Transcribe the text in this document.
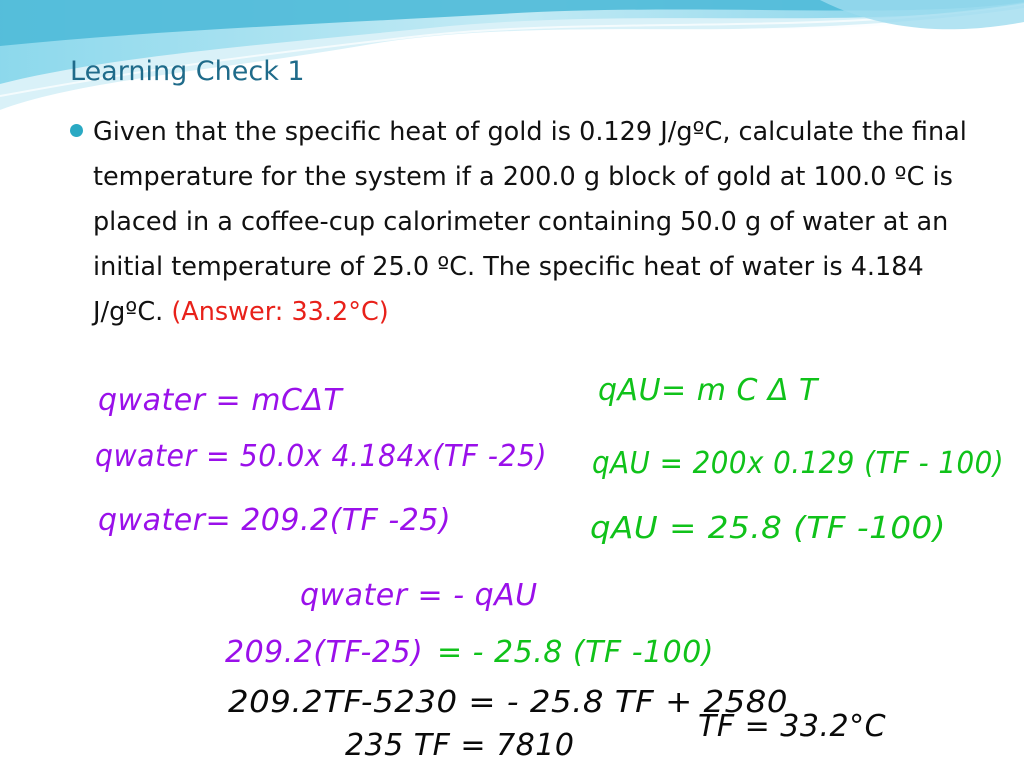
Learning Check 1

Given that the specific heat of gold is 0.129 J/gºC, calculate the final temperature for the system if a 200.0 g block of gold at 100.0 ºC is placed in a coffee-cup calorimeter containing 50.0 g of water at an initial temperature of 25.0 ºC. The specific heat of water is 4.184 J/gºC. (Answer: 33.2°C)

qwater = mCΔT
qwater = 50.0x 4.184x(TF -25)
qwater= 209.2(TF -25)
qAU= m C Δ T
qAU = 200x 0.129 (TF - 100)
qAU = 25.8 (TF -100)
qwater = - qAU
209.2(TF-25) = - 25.8 (TF -100)
209.2TF-5230 = - 25.8 TF + 2580
235 TF = 7810
TF = 33.2°C
